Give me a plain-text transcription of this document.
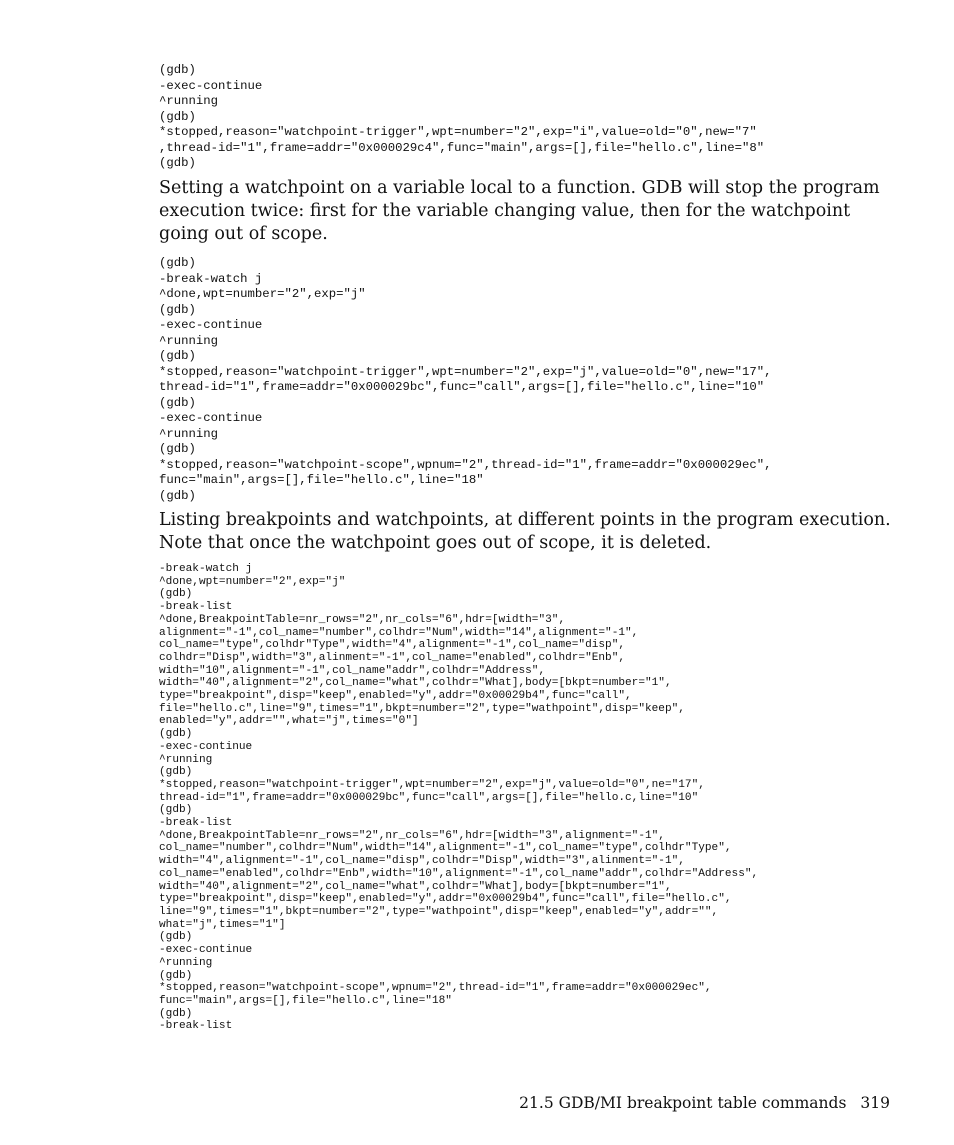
(gdb)
-exec-continue
^running
(gdb)
*stopped,reason="watchpoint-trigger",wpt=number="2",exp="i",value=old="0",new="7"
,thread-id="1",frame=addr="0x000029c4",func="main",args=[],file="hello.c",line="8"
(gdb)

Setting a watchpoint on a variable local to a function. GDB will stop the program execution twice: first for the variable changing value, then for the watchpoint going out of scope.

(gdb)
-break-watch j
^done,wpt=number="2",exp="j"
(gdb)
-exec-continue
^running
(gdb)
*stopped,reason="watchpoint-trigger",wpt=number="2",exp="j",value=old="0",new="17",
thread-id="1",frame=addr="0x000029bc",func="call",args=[],file="hello.c",line="10"
(gdb)
-exec-continue
^running
(gdb)
*stopped,reason="watchpoint-scope",wpnum="2",thread-id="1",frame=addr="0x000029ec",
func="main",args=[],file="hello.c",line="18"
(gdb)

Listing breakpoints and watchpoints, at different points in the program execution. Note that once the watchpoint goes out of scope, it is deleted.

-break-watch j
^done,wpt=number="2",exp="j"
(gdb)
-break-list
^done,BreakpointTable=nr_rows="2",nr_cols="6",hdr=[width="3",
alignment="-1",col_name="number",colhdr="Num",width="14",alignment="-1",
col_name="type",colhdr"Type",width="4",alignment="-1",col_name="disp",
colhdr="Disp",width="3",alinment="-1",col_name="enabled",colhdr="Enb",
width="10",alignment="-1",col_name"addr",colhdr="Address",
width="40",alignment="2",col_name="what",colhdr="What],body=[bkpt=number="1",
type="breakpoint",disp="keep",enabled="y",addr="0x00029b4",func="call",
file="hello.c",line="9",times="1",bkpt=number="2",type="wathpoint",disp="keep",
enabled="y",addr="",what="j",times="0"]
(gdb)
-exec-continue
^running
(gdb)
*stopped,reason="watchpoint-trigger",wpt=number="2",exp="j",value=old="0",ne="17",
thread-id="1",frame=addr="0x000029bc",func="call",args=[],file="hello.c,line="10"
(gdb)
-break-list
^done,BreakpointTable=nr_rows="2",nr_cols="6",hdr=[width="3",alignment="-1",
col_name="number",colhdr="Num",width="14",alignment="-1",col_name="type",colhdr"Type",
width="4",alignment="-1",col_name="disp",colhdr="Disp",width="3",alinment="-1",
col_name="enabled",colhdr="Enb",width="10",alignment="-1",col_name"addr",colhdr="Address",
width="40",alignment="2",col_name="what",colhdr="What],body=[bkpt=number="1",
type="breakpoint",disp="keep",enabled="y",addr="0x00029b4",func="call",file="hello.c",
line="9",times="1",bkpt=number="2",type="wathpoint",disp="keep",enabled="y",addr="",
what="j",times="1"]
(gdb)
-exec-continue
^running
(gdb)
*stopped,reason="watchpoint-scope",wpnum="2",thread-id="1",frame=addr="0x000029ec",
func="main",args=[],file="hello.c",line="18"
(gdb)
-break-list
21.5 GDB/MI breakpoint table commands 319
